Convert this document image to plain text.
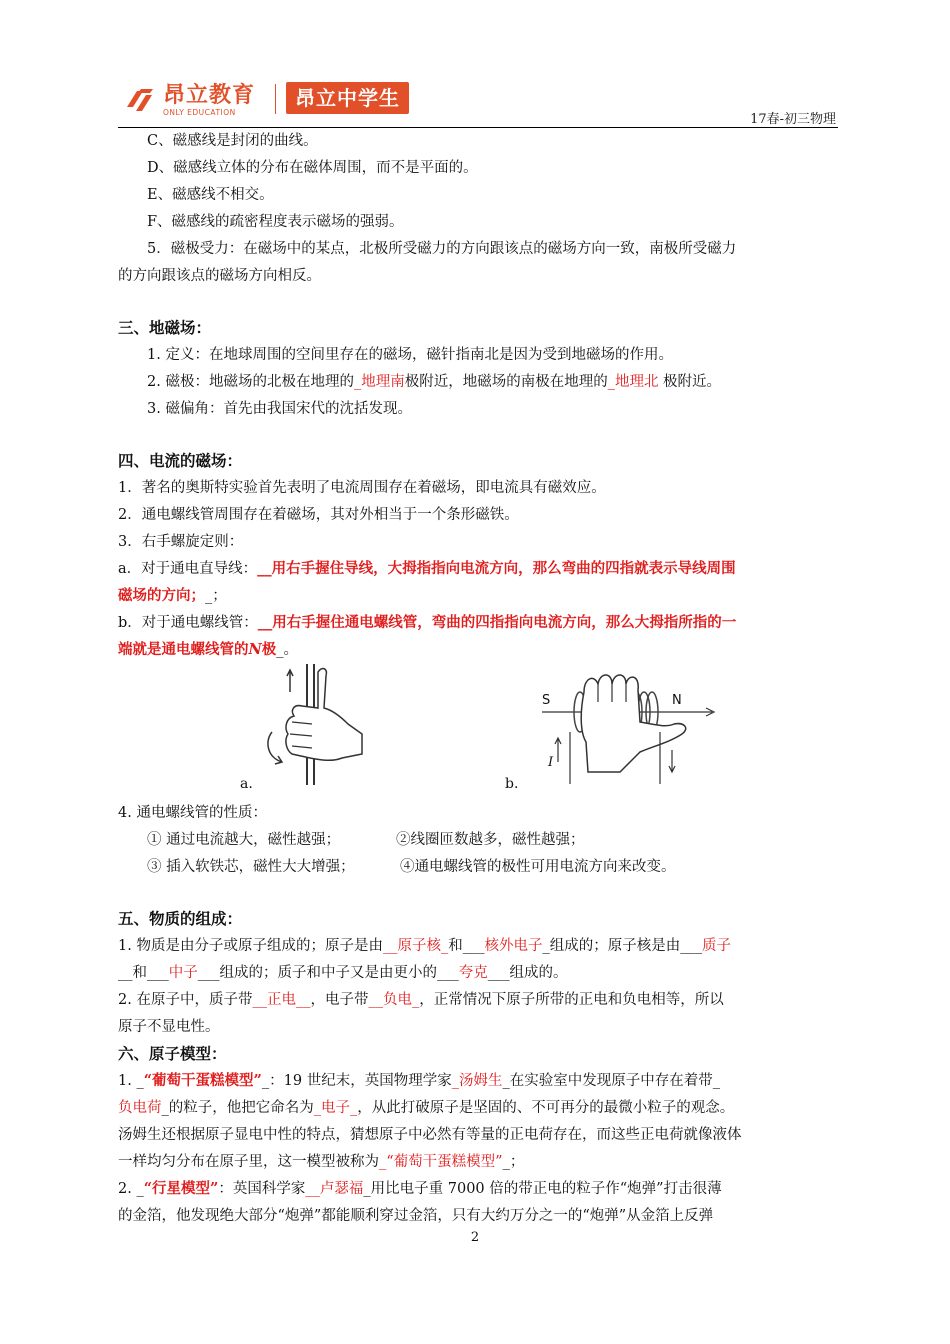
昂立教育
ONLY EDUCATION
昂立中学生
17春-初三物理
C、磁感线是封闭的曲线。
D、磁感线立体的分布在磁体周围，而不是平面的。
E、磁感线不相交。
F、磁感线的疏密程度表示磁场的强弱。
5．磁极受力：在磁场中的某点，北极所受磁力的方向跟该点的磁场方向一致，南极所受磁力
的方向跟该点的磁场方向相反。
三、地磁场：
1. 定义：在地球周围的空间里存在的磁场，磁针指南北是因为受到地磁场的作用。
2. 磁极：地磁场的北极在地理的_地理南极附近，地磁场的南极在地理的_地理北 极附近。
3. 磁偏角：首先由我国宋代的沈括发现。
四、电流的磁场：
1．著名的奥斯特实验首先表明了电流周围存在着磁场，即电流具有磁效应。
2．通电螺线管周围存在着磁场，其对外相当于一个条形磁铁。
3．右手螺旋定则：
a．对于通电直导线：__用右手握住导线，大拇指指向电流方向，那么弯曲的四指就表示导线周围
磁场的方向；_；
b．对于通电螺线管：__用右手握住通电螺线管，弯曲的四指指向电流方向，那么大拇指所指的一
端就是通电螺线管的N极_。
a.
S	N
I
b.
4. 通电螺线管的性质：
① 通过电流越大，磁性越强；	②线圈匝数越多，磁性越强；
③ 插入软铁芯，磁性大大增强；	④通电螺线管的极性可用电流方向来改变。
五、物质的组成：
1. 物质是由分子或原子组成的；原子是由__原子核_和___核外电子_组成的；原子核是由___质子
__和___中子___组成的；质子和中子又是由更小的___夸克___组成的。
2. 在原子中，质子带__正电__，电子带__负电_，正常情况下原子所带的正电和负电相等，所以
原子不显电性。
六、原子模型：
1. _“葡萄干蛋糕模型”_：19 世纪末，英国物理学家_汤姆生_在实验室中发现原子中存在着带_
负电荷_的粒子，他把它命名为_电子_，从此打破原子是坚固的、不可再分的最微小粒子的观念。
汤姆生还根据原子显电中性的特点，猜想原子中必然有等量的正电荷存在，而这些正电荷就像液体
一样均匀分布在原子里，这一模型被称为_“葡萄干蛋糕模型”_；
2. _“行星模型”：英国科学家__卢瑟福_用比电子重 7000 倍的带正电的粒子作“炮弹”打击很薄
的金箔，他发现绝大部分“炮弹”都能顺利穿过金箔，只有大约万分之一的“炮弹”从金箔上反弹
2
